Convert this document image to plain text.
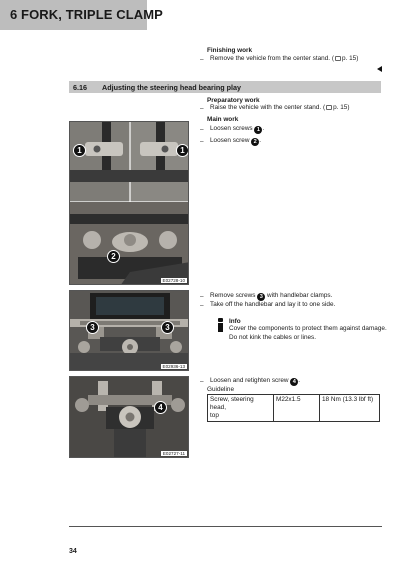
6 FORK, TRIPLE CLAMP
Finishing work
– Remove the vehicle from the center stand. ( p. 15)
6.16 Adjusting the steering head bearing play
Preparatory work
– Raise the vehicle with the center stand. ( p. 15)
Main work
– Loosen screws 1 .
– Loosen screw 2 .
1	1
2
E02728-10
– Remove screws 3 with handlebar clamps.
– Take off the handlebar and lay it to one side.
Info
Cover the components to protect them against damage.
Do not kink the cables or lines.
3	3
E02936-13
– Loosen and retighten screw 4 .
Guideline
Screw, steering head,
top	M22x1.5	18 Nm (13.3 lbf ft)
4
E02727-11
34
